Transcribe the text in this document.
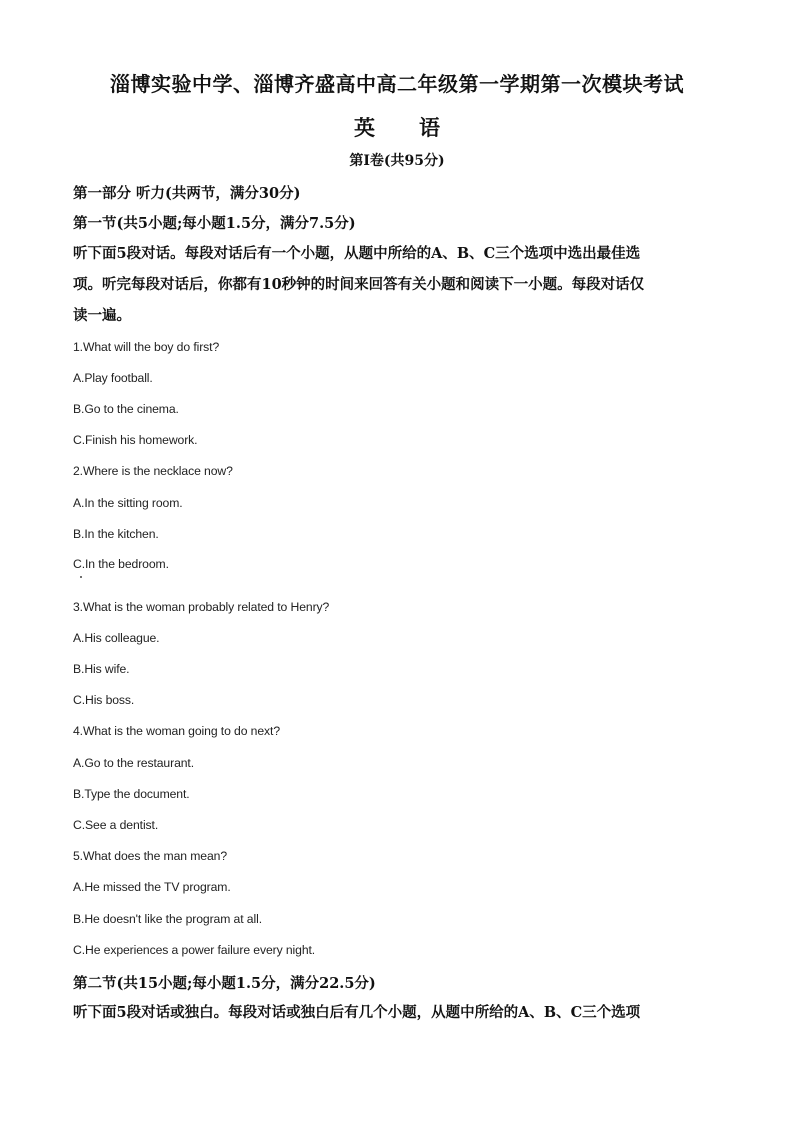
淄博实验中学、淄博齐盛高中高二年级第一学期第一次模块考试
英 语
第I卷(共95分)
第一部分 听力(共两节，满分30分)
第一节(共5小题;每小题1.5分，满分7.5分)
听下面5段对话。每段对话后有一个小题，从题中所给的A、B、C三个选项中选出最佳选
项。听完每段对话后，你都有10秒钟的时间来回答有关小题和阅读下一小题。每段对话仅
读一遍。
1.What will the boy do first?
A.Play football.
B.Go to the cinema.
C.Finish his homework.
2.Where is the necklace now?
A.In the sitting room.
B.In the kitchen.
C.In the bedroom.
3.What is the woman probably related to Henry?
A.His colleague.
B.His wife.
C.His boss.
4.What is the woman going to do next?
A.Go to the restaurant.
B.Type the document.
C.See a dentist.
5.What does the man mean?
A.He missed the TV program.
B.He doesn't like the program at all.
C.He experiences a power failure every night.
第二节(共15小题;每小题1.5分，满分22.5分)
听下面5段对话或独白。每段对话或独白后有几个小题，从题中所给的A、B、C三个选项
